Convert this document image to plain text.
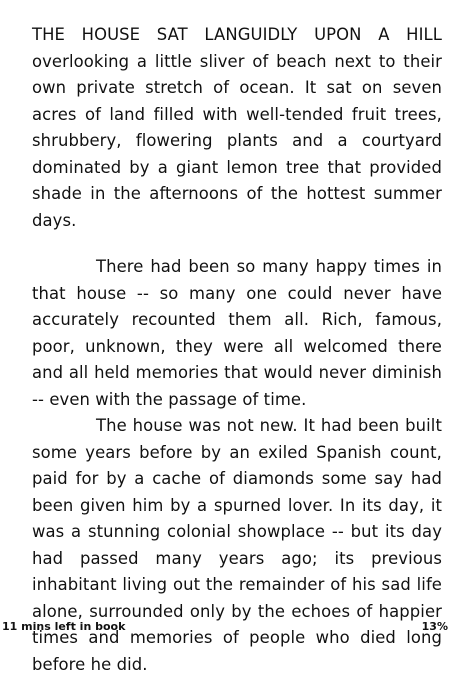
THE HOUSE SAT LANGUIDLY UPON A HILL overlooking a little sliver of beach next to their own private stretch of ocean. It sat on seven acres of land filled with well-tended fruit trees, shrubbery, flowering plants and a courtyard dominated by a giant lemon tree that provided shade in the afternoons of the hottest summer days.

There had been so many happy times in that house -- so many one could never have accurately recounted them all. Rich, famous, poor, unknown, they were all welcomed there and all held memories that would never diminish -- even with the passage of time.

The house was not new. It had been built some years before by an exiled Spanish count, paid for by a cache of diamonds some say had been given him by a spurned lover. In its day, it was a stunning colonial showplace -- but its day had passed many years ago; its previous inhabitant living out the remainder of his sad life alone, surrounded only by the echoes of happier times and memories of people who died long before he did.

11 mins left in book	13%
